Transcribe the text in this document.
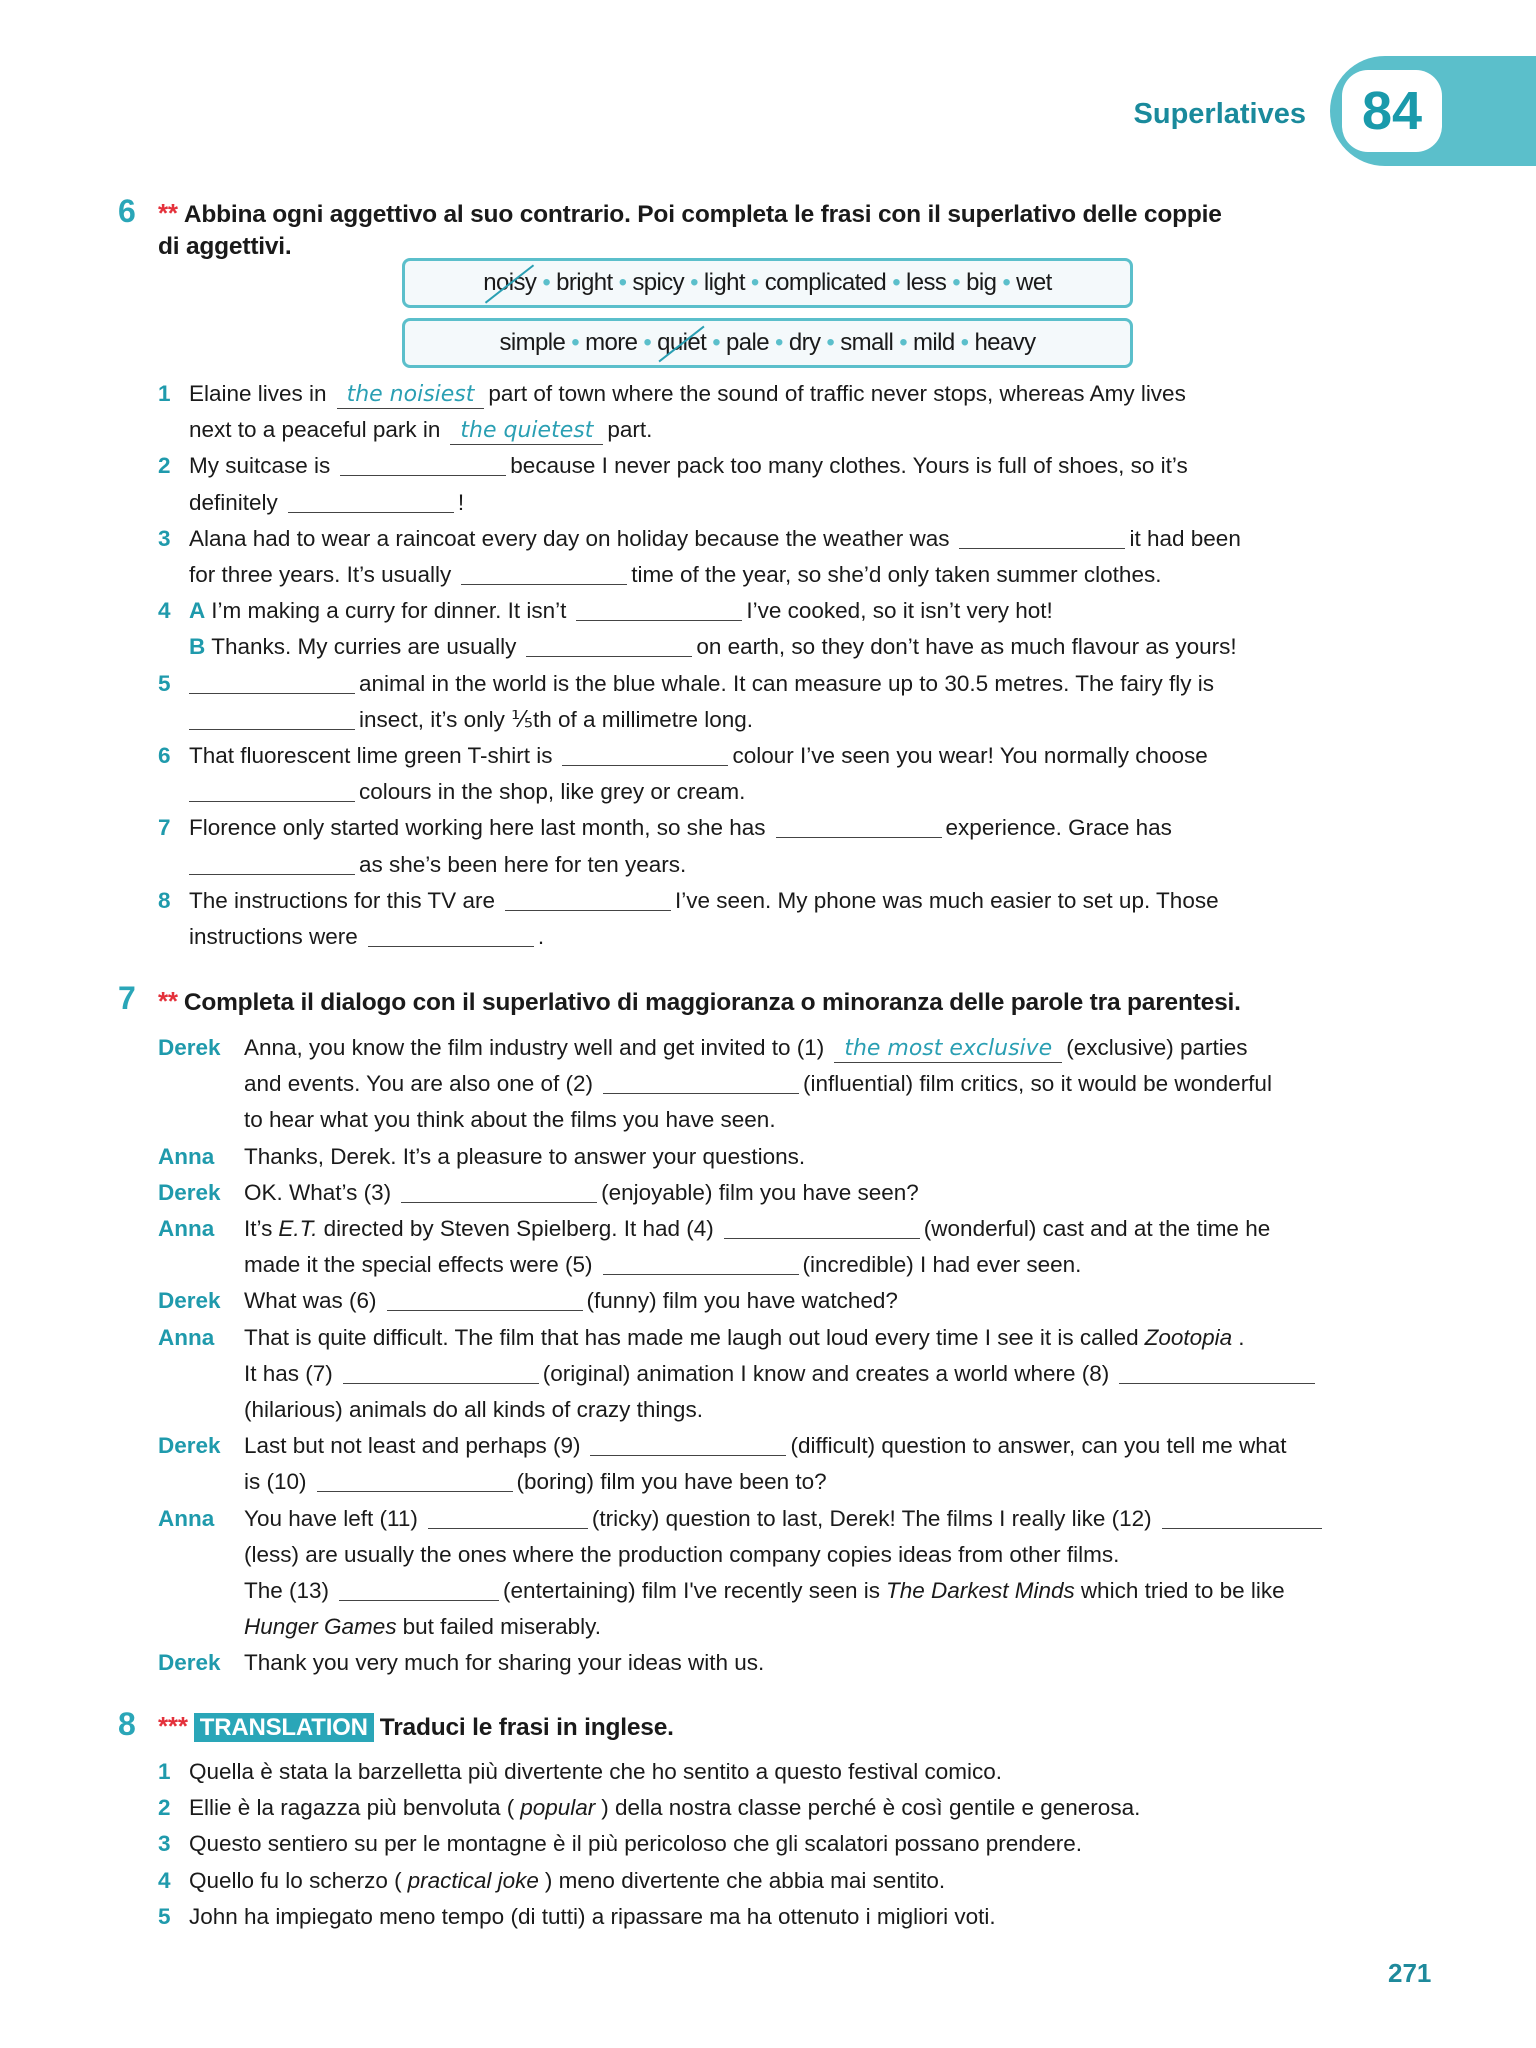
84
Superlatives
6 ** Abbina ogni aggettivo al suo contrario. Poi completa le frasi con il superlativo delle coppie
di aggettivi.
noisy • bright • spicy • light • complicated • less • big • wet
simple • more • quiet • pale • dry • small • mild • heavy
1 Elaine lives in the noisiest part of town where the sound of traffic never stops, whereas Amy lives
next to a peaceful park in the quietest part.
2 My suitcase is	because I never pack too many clothes. Yours is full of shoes, so it’s
definitely	!
3 Alana had to wear a raincoat every day on holiday because the weather was	it had been
for three years. It’s usually	time of the year, so she’d only taken summer clothes.
4 A I’m making a curry for dinner. It isn’t	I’ve cooked, so it isn’t very hot!
B Thanks. My curries are usually	on earth, so they don’t have as much flavour as yours!
5	animal in the world is the blue whale. It can measure up to 30.5 metres. The fairy fly is
insect, it’s only ⅕th of a millimetre long.
6 That fluorescent lime green T-shirt is	colour I’ve seen you wear! You normally choose
colours in the shop, like grey or cream.
7 Florence only started working here last month, so she has	experience. Grace has
as she’s been here for ten years.
8 The instructions for this TV are	I’ve seen. My phone was much easier to set up. Those
instructions were	.
7 ** Completa il dialogo con il superlativo di maggioranza o minoranza delle parole tra parentesi.
Derek Anna, you know the film industry well and get invited to (1) the most exclusive (exclusive) parties
and events. You are also one of (2)	(influential) film critics, so it would be wonderful
to hear what you think about the films you have seen.
Anna Thanks, Derek. It’s a pleasure to answer your questions.
Derek OK. What’s (3)	(enjoyable) film you have seen?
Anna It’s E.T. directed by Steven Spielberg. It had (4)	(wonderful) cast and at the time he
made it the special effects were (5)	(incredible) I had ever seen.
Derek What was (6)	(funny) film you have watched?
Anna That is quite difficult. The film that has made me laugh out loud every time I see it is called Zootopia .
It has (7)	(original) animation I know and creates a world where (8)
(hilarious) animals do all kinds of crazy things.
Derek Last but not least and perhaps (9)	(difficult) question to answer, can you tell me what
is (10)	(boring) film you have been to?
Anna You have left (11)	(tricky) question to last, Derek! The films I really like (12)
(less) are usually the ones where the production company copies ideas from other films.
The (13)	(entertaining) film I've recently seen is The Darkest Minds which tried to be like
Hunger Games but failed miserably.
Derek Thank you very much for sharing your ideas with us.
8 *** TRANSLATION Traduci le frasi in inglese.
1 Quella è stata la barzelletta più divertente che ho sentito a questo festival comico.
2 Ellie è la ragazza più benvoluta ( popular ) della nostra classe perché è così gentile e generosa.
3 Questo sentiero su per le montagne è il più pericoloso che gli scalatori possano prendere.
4 Quello fu lo scherzo ( practical joke ) meno divertente che abbia mai sentito.
5 John ha impiegato meno tempo (di tutti) a ripassare ma ha ottenuto i migliori voti.
271
